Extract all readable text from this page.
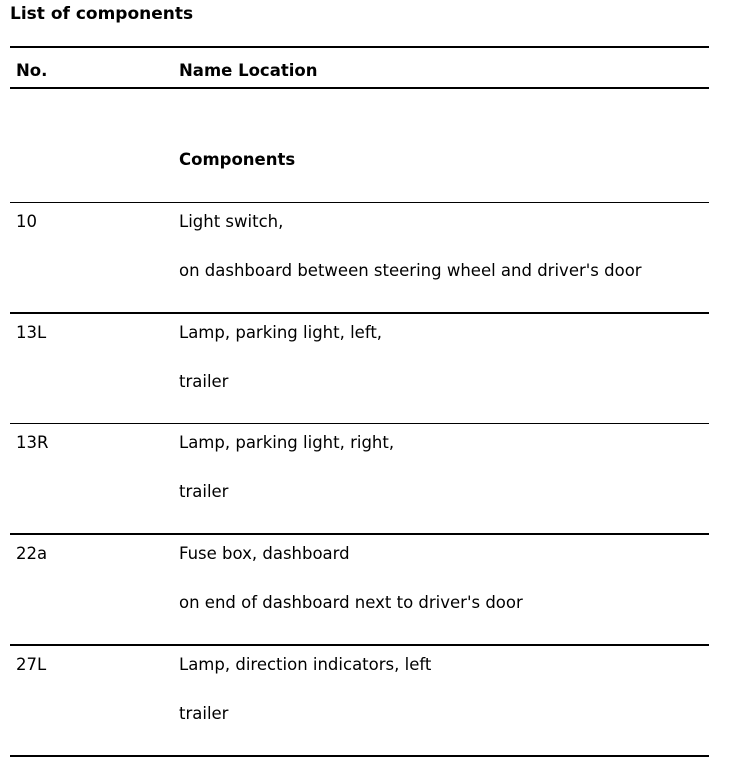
List of components
No.	Name Location
Components
10	Light switch,
on dashboard between steering wheel and driver's door
13L	Lamp, parking light, left,
trailer
13R	Lamp, parking light, right,
trailer
22a	Fuse box, dashboard
on end of dashboard next to driver's door
27L	Lamp, direction indicators, left
trailer
